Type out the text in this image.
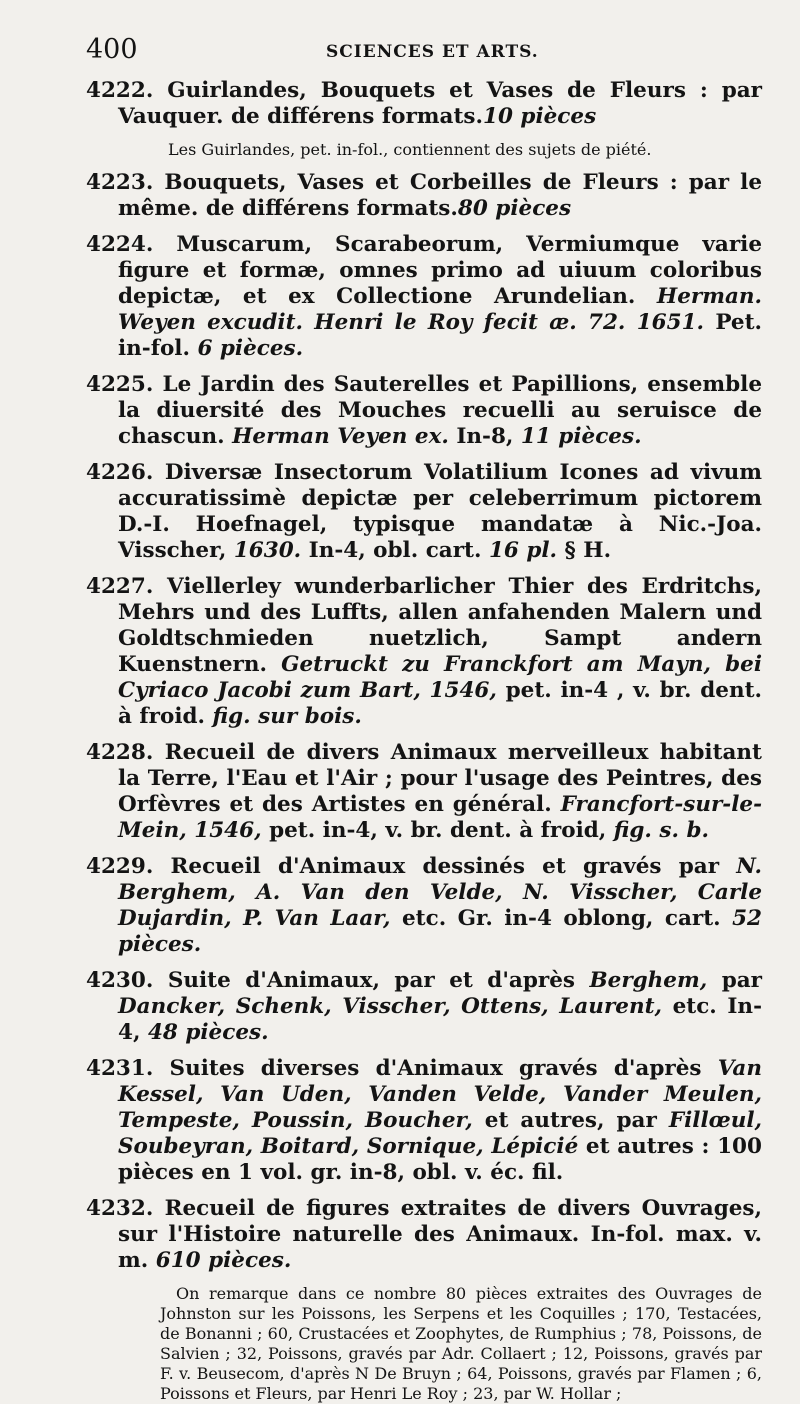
400	SCIENCES ET ARTS.

4222. Guirlandes, Bouquets et Vases de Fleurs : par Vauquer. de différens formats.10 pièces

Les Guirlandes, pet. in-fol., contiennent des sujets de piété.

4223. Bouquets, Vases et Corbeilles de Fleurs : par le même. de différens formats.80 pièces

4224. Muscarum, Scarabeorum, Vermiumque varie figure et formæ, omnes primo ad uiuum coloribus depictæ, et ex Collectione Arundelian. Herman. Weyen excudit. Henri le Roy fecit æ. 72. 1651. Pet. in-fol. 6 pièces.

4225. Le Jardin des Sauterelles et Papillions, ensemble la diuersité des Mouches recuelli au seruisce de chascun. Herman Veyen ex. In-8, 11 pièces.

4226. Diversæ Insectorum Volatilium Icones ad vivum accuratissimè depictæ per celeberrimum pictorem D.-I. Hoefnagel, typisque mandatæ à Nic.-Joa. Visscher, 1630. In-4, obl. cart. 16 pl. § H.

4227. Viellerley wunderbarlicher Thier des Erdritchs, Mehrs und des Luffts, allen anfahenden Malern und Goldtschmieden nuetzlich, Sampt andern Kuenstnern. Getruckt zu Franckfort am Mayn, bei Cyriaco Jacobi zum Bart, 1546, pet. in-4 , v. br. dent. à froid. fig. sur bois.

4228. Recueil de divers Animaux merveilleux habitant la Terre, l'Eau et l'Air ; pour l'usage des Peintres, des Orfèvres et des Artistes en général. Francfort-sur-le-Mein, 1546, pet. in-4, v. br. dent. à froid, fig. s. b.

4229. Recueil d'Animaux dessinés et gravés par N. Berghem, A. Van den Velde, N. Visscher, Carle Dujardin, P. Van Laar, etc. Gr. in-4 oblong, cart. 52 pièces.

4230. Suite d'Animaux, par et d'après Berghem, par Dancker, Schenk, Visscher, Ottens, Laurent, etc. In-4, 48 pièces.

4231. Suites diverses d'Animaux gravés d'après Van Kessel, Van Uden, Vanden Velde, Vander Meulen, Tempeste, Poussin, Boucher, et autres, par Fillœul, Soubeyran, Boitard, Sornique, Lépicié et autres : 100 pièces en 1 vol. gr. in-8, obl. v. éc. fil.

4232. Recueil de figures extraites de divers Ouvrages, sur l'Histoire naturelle des Animaux. In-fol. max. v. m. 610 pièces.

On remarque dans ce nombre 80 pièces extraites des Ouvrages de Johnston sur les Poissons, les Serpens et les Coquilles ; 170, Testacées, de Bonanni ; 60, Crustacées et Zoophytes, de Rumphius ; 78, Poissons, de Salvien ; 32, Poissons, gravés par Adr. Collaert ; 12, Poissons, gravés par F. v. Beusecom, d'après N De Bruyn ; 64, Poissons, gravés par Flamen ; 6, Poissons et Fleurs, par Henri Le Roy ; 23, par W. Hollar ;
